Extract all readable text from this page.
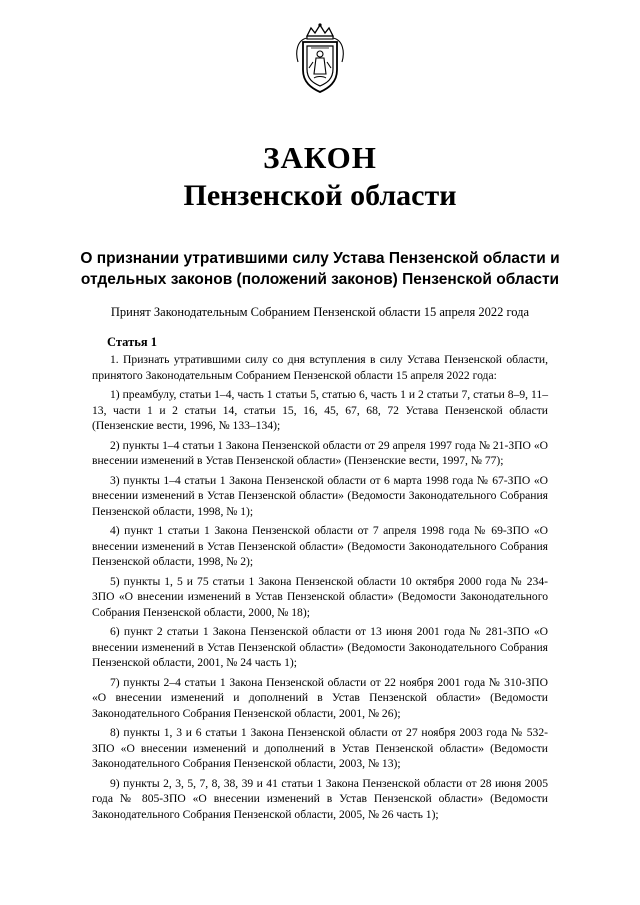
ЗАКОН
Пензенской области
О признании утратившими силу Устава Пензенской области и
отдельных законов (положений законов) Пензенской области
Принят Законодательным Собранием Пензенской области 15 апреля 2022 года
Статья 1

1. Признать утратившими силу со дня вступления в силу Устава Пензенской области, принятого Законодательным Собранием Пензенской области 15 апреля 2022 года:

1) преамбулу, статьи 1–4, часть 1 статьи 5, статью 6, часть 1 и 2 статьи 7, статьи 8–9, 11–13, части 1 и 2 статьи 14, статьи 15, 16, 45, 67, 68, 72 Устава Пензенской области (Пензенские вести, 1996, № 133–134);

2) пункты 1–4 статьи 1 Закона Пензенской области от 29 апреля 1997 года № 21-ЗПО «О внесении изменений в Устав Пензенской области» (Пензенские вести, 1997, № 77);

3) пункты 1–4 статьи 1 Закона Пензенской области от 6 марта 1998 года № 67-ЗПО «О внесении изменений в Устав Пензенской области» (Ведомости Законодательного Собрания Пензенской области, 1998, № 1);

4) пункт 1 статьи 1 Закона Пензенской области от 7 апреля 1998 года № 69-ЗПО «О внесении изменений в Устав Пензенской области» (Ведомости Законодательного Собрания Пензенской области, 1998, № 2);

5) пункты 1, 5 и 75 статьи 1 Закона Пензенской области 10 октября 2000 года № 234-ЗПО «О внесении изменений в Устав Пензенской области» (Ведомости Законодательного Собрания Пензенской области, 2000, № 18);

6) пункт 2 статьи 1 Закона Пензенской области от 13 июня 2001 года № 281-ЗПО «О внесении изменений в Устав Пензенской области» (Ведомости Законодательного Собрания Пензенской области, 2001, № 24 часть 1);

7) пункты 2–4 статьи 1 Закона Пензенской области от 22 ноября 2001 года № 310-ЗПО «О внесении изменений и дополнений в Устав Пензенской области» (Ведомости Законодательного Собрания Пензенской области, 2001, № 26);

8) пункты 1, 3 и 6 статьи 1 Закона Пензенской области от 27 ноября 2003 года № 532-ЗПО «О внесении изменений и дополнений в Устав Пензенской области» (Ведомости Законодательного Собрания Пензенской области, 2003, № 13);

9) пункты 2, 3, 5, 7, 8, 38, 39 и 41 статьи 1 Закона Пензенской области от 28 июня 2005 года № 805-ЗПО «О внесении изменений в Устав Пензенской области» (Ведомости Законодательного Собрания Пензенской области, 2005, № 26 часть 1);
